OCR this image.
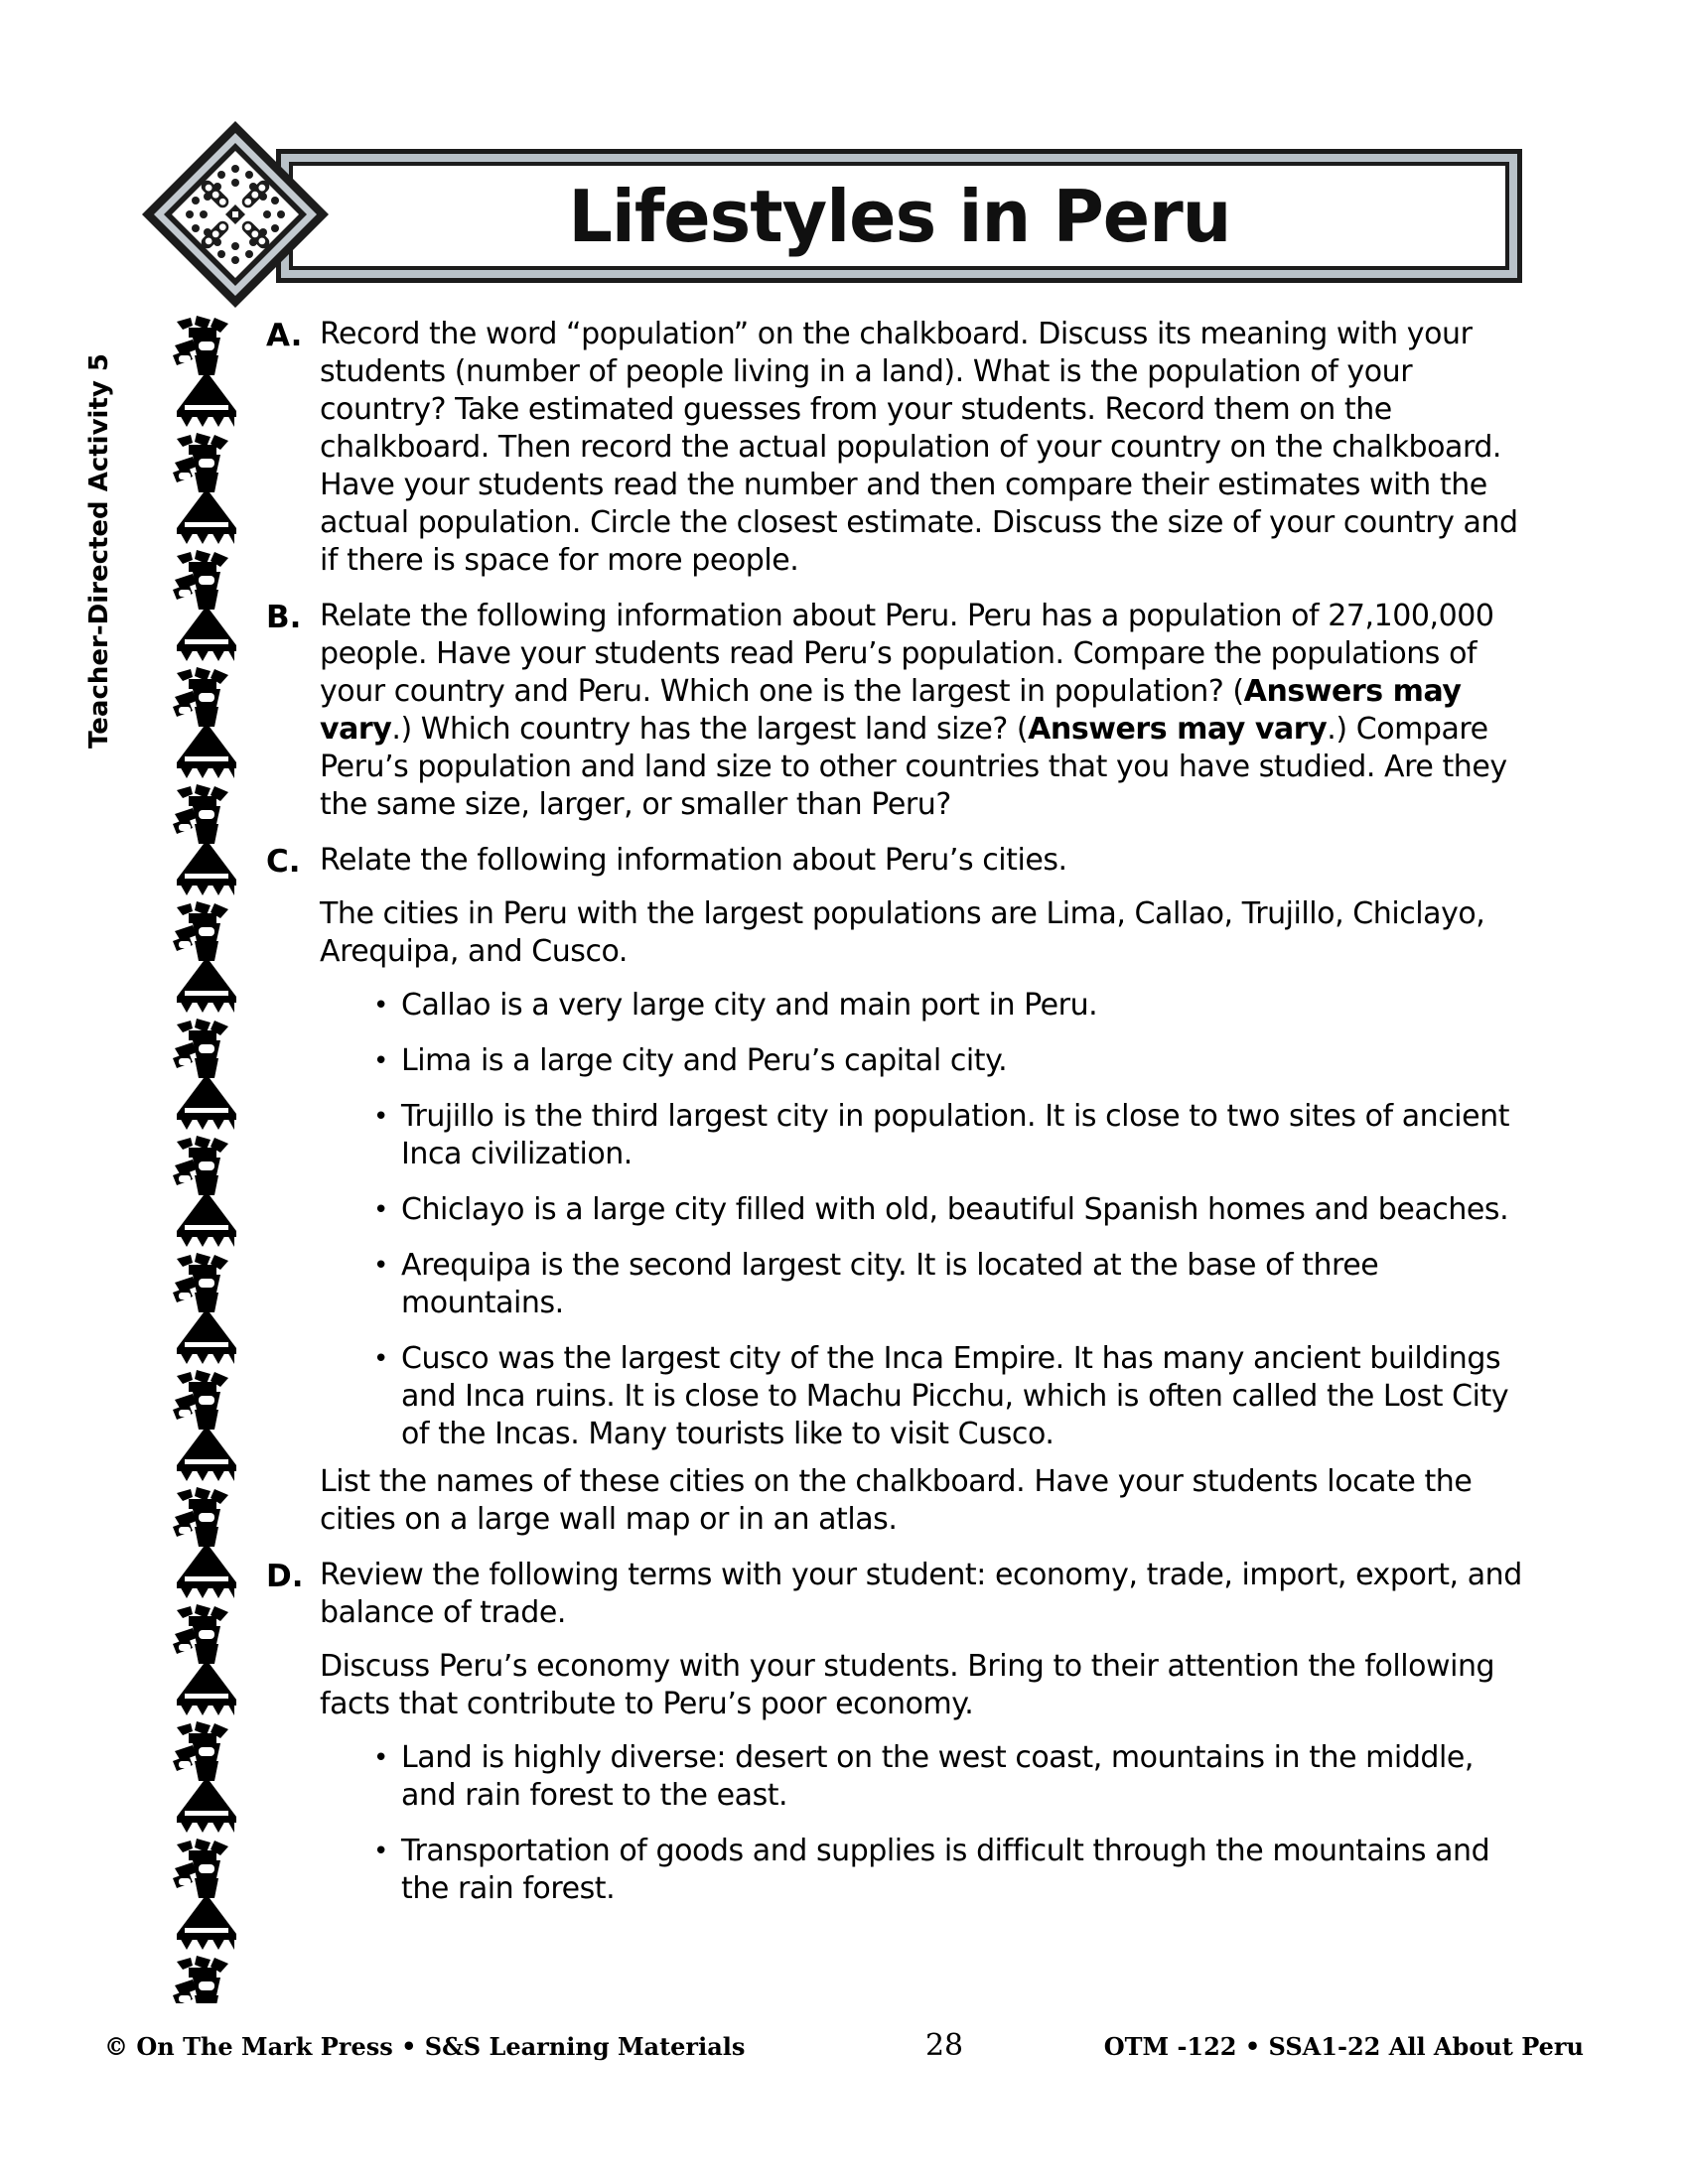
Lifestyles in Peru
Teacher-Directed Activity 5
A. Record the word “population” on the chalkboard. Discuss its meaning with your students (number of people living in a land). What is the population of your country? Take estimated guesses from your students. Record them on the chalkboard. Then record the actual population of your country on the chalkboard. Have your students read the number and then compare their estimates with the actual population. Circle the closest estimate. Discuss the size of your country and if there is space for more people.

B. Relate the following information about Peru. Peru has a population of 27,100,000 people. Have your students read Peru’s population. Compare the populations of your country and Peru. Which one is the largest in population? (Answers may vary.) Which country has the largest land size? (Answers may vary.) Compare Peru’s population and land size to other countries that you have studied. Are they the same size, larger, or smaller than Peru?

C. Relate the following information about Peru’s cities.

The cities in Peru with the largest populations are Lima, Callao, Trujillo, Chiclayo, Arequipa, and Cusco.

• Callao is a very large city and main port in Peru.
• Lima is a large city and Peru’s capital city.
• Trujillo is the third largest city in population. It is close to two sites of ancient Inca civilization.
• Chiclayo is a large city filled with old, beautiful Spanish homes and beaches.
• Arequipa is the second largest city. It is located at the base of three mountains.
• Cusco was the largest city of the Inca Empire. It has many ancient buildings and Inca ruins. It is close to Machu Picchu, which is often called the Lost City of the Incas. Many tourists like to visit Cusco.

List the names of these cities on the chalkboard. Have your students locate the cities on a large wall map or in an atlas.

D. Review the following terms with your student: economy, trade, import, export, and balance of trade.

Discuss Peru’s economy with your students. Bring to their attention the following facts that contribute to Peru’s poor economy.

• Land is highly diverse: desert on the west coast, mountains in the middle, and rain forest to the east.
• Transportation of goods and supplies is difficult through the mountains and the rain forest.
© On The Mark Press • S&S Learning Materials	28	OTM -122 • SSA1-22 All About Peru
